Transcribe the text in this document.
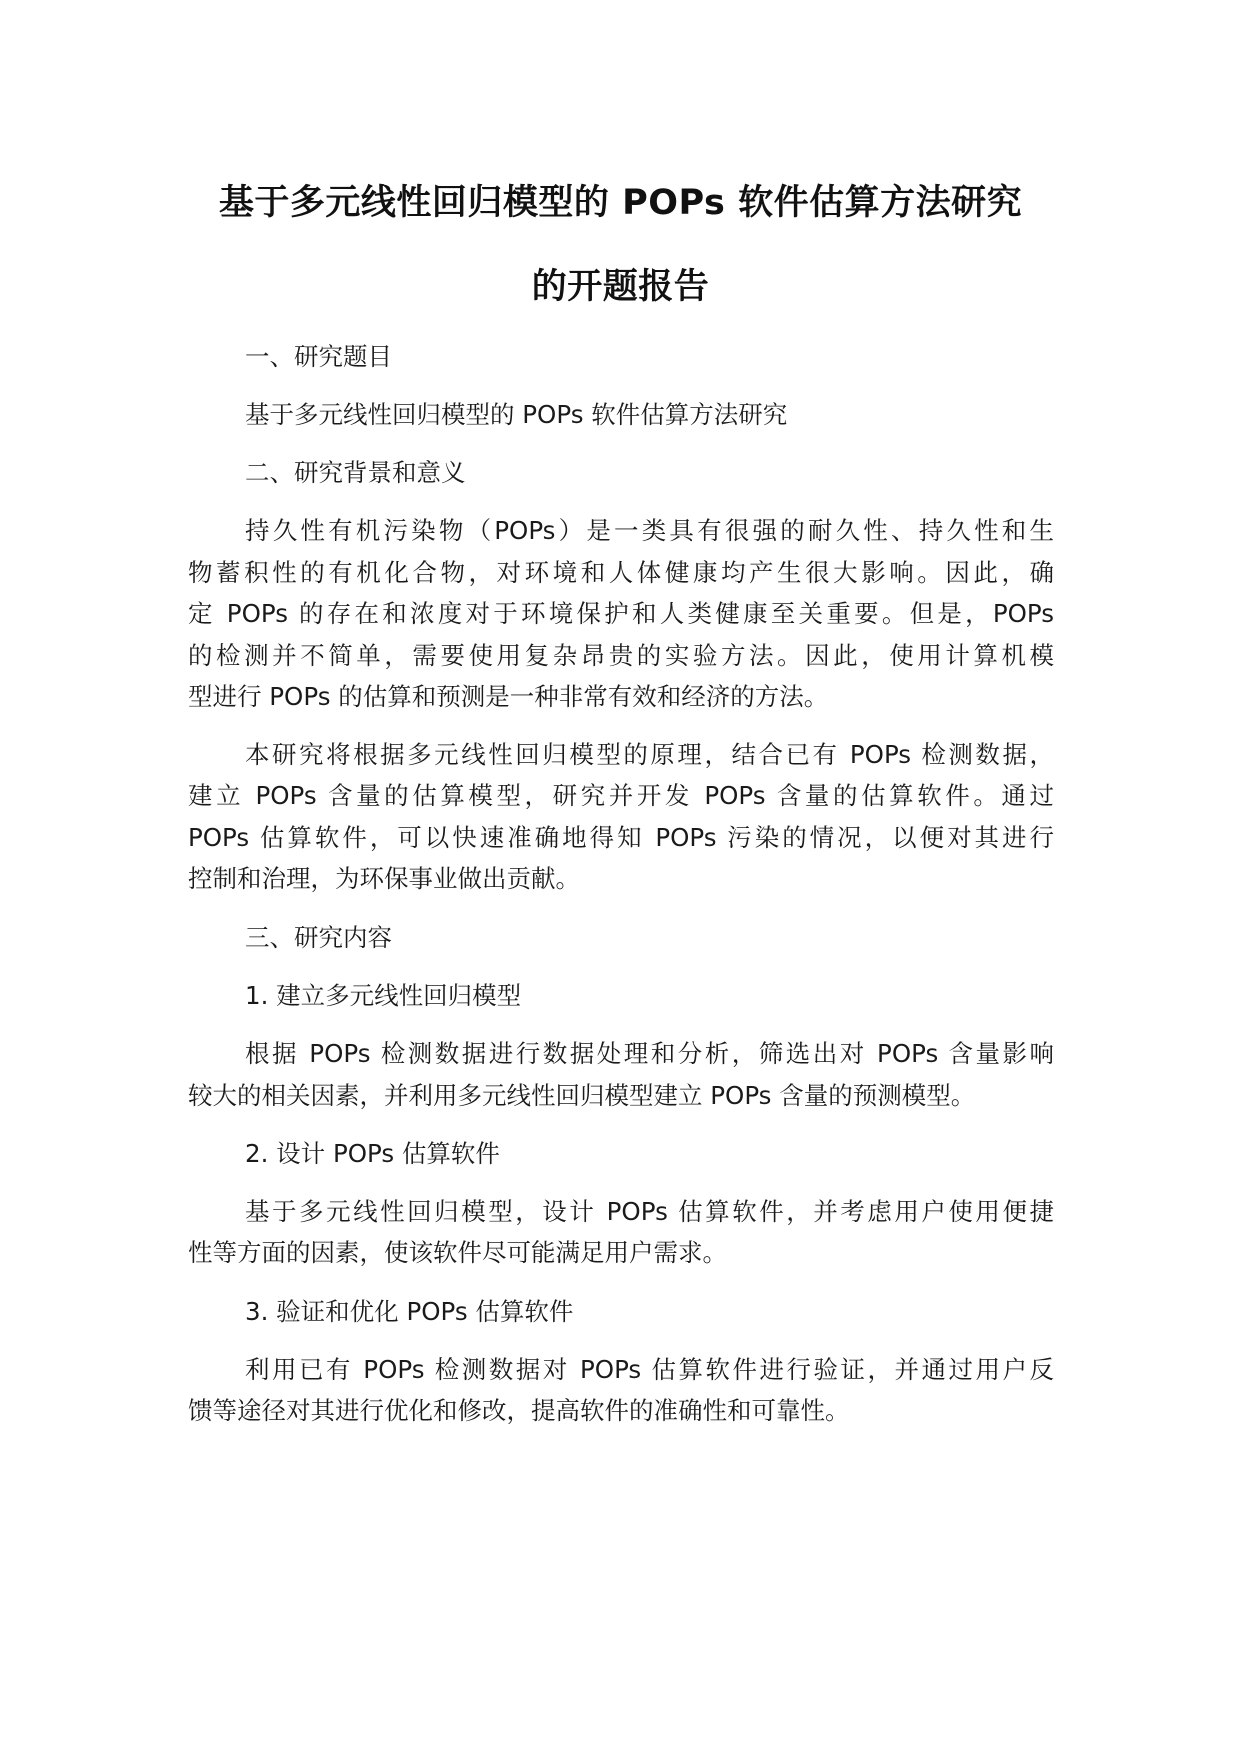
基于多元线性回归模型的 POPs 软件估算方法研究
的开题报告
一、研究题目
基于多元线性回归模型的 POPs 软件估算方法研究
二、研究背景和意义
持久性有机污染物（POPs）是一类具有很强的耐久性、持久性和生
物蓄积性的有机化合物，对环境和人体健康均产生很大影响。因此，确
定 POPs 的存在和浓度对于环境保护和人类健康至关重要。但是，POPs
的检测并不简单，需要使用复杂昂贵的实验方法。因此，使用计算机模
型进行 POPs 的估算和预测是一种非常有效和经济的方法。
本研究将根据多元线性回归模型的原理，结合已有 POPs 检测数据，
建立 POPs 含量的估算模型，研究并开发 POPs 含量的估算软件。通过
POPs 估算软件，可以快速准确地得知 POPs 污染的情况，以便对其进行
控制和治理，为环保事业做出贡献。
三、研究内容
1. 建立多元线性回归模型
根据 POPs 检测数据进行数据处理和分析，筛选出对 POPs 含量影响
较大的相关因素，并利用多元线性回归模型建立 POPs 含量的预测模型。
2. 设计 POPs 估算软件
基于多元线性回归模型，设计 POPs 估算软件，并考虑用户使用便捷
性等方面的因素，使该软件尽可能满足用户需求。
3. 验证和优化 POPs 估算软件
利用已有 POPs 检测数据对 POPs 估算软件进行验证，并通过用户反
馈等途径对其进行优化和修改，提高软件的准确性和可靠性。
